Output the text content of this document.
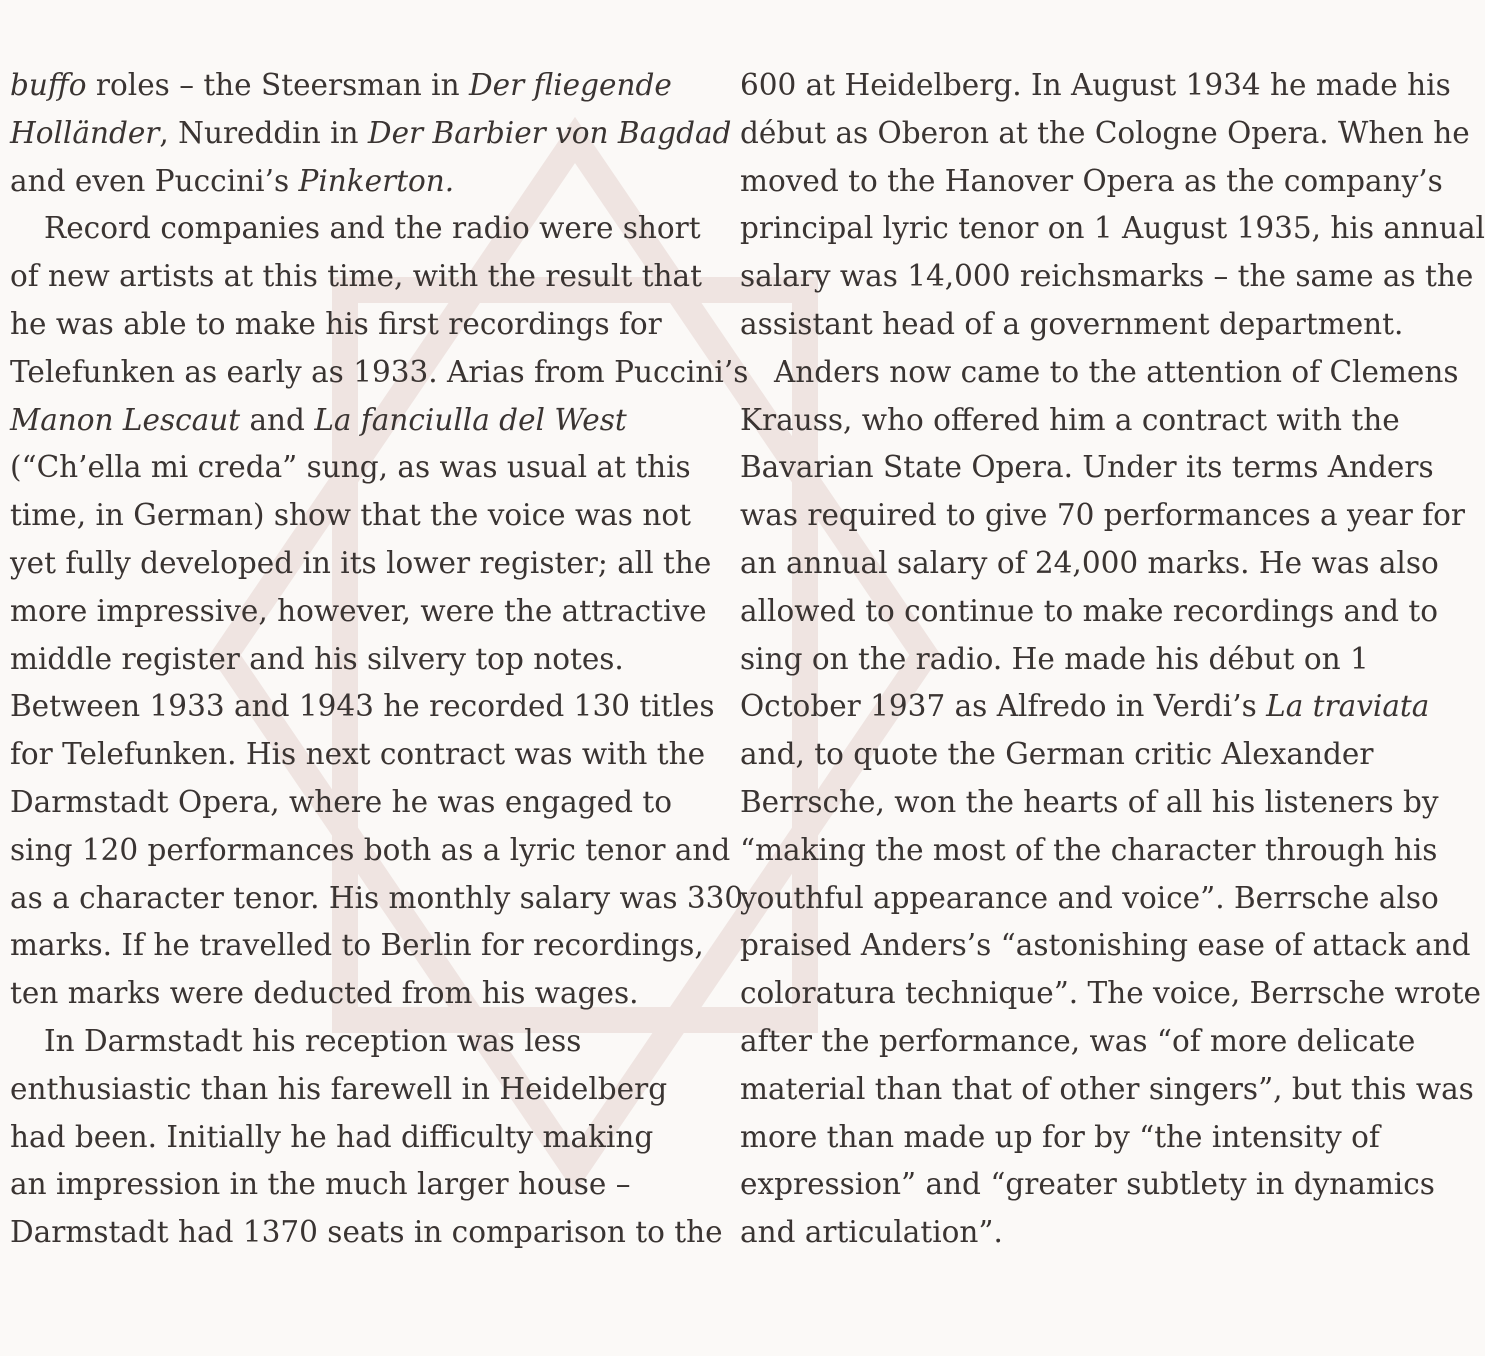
buffo roles – the Steersman in Der fliegende
Holländer, Nureddin in Der Barbier von Bagdad
and even Puccini’s Pinkerton.
Record companies and the radio were short
of new artists at this time, with the result that
he was able to make his first recordings for
Telefunken as early as 1933. Arias from Puccini’s
Manon Lescaut and La fanciulla del West
(“Ch’ella mi creda” sung, as was usual at this
time, in German) show that the voice was not
yet fully developed in its lower register; all the
more impressive, however, were the attractive
middle register and his silvery top notes.
Between 1933 and 1943 he recorded 130 titles
for Telefunken. His next contract was with the
Darmstadt Opera, where he was engaged to
sing 120 performances both as a lyric tenor and
as a character tenor. His monthly salary was 330
marks. If he travelled to Berlin for recordings,
ten marks were deducted from his wages.
In Darmstadt his reception was less
enthusiastic than his farewell in Heidelberg
had been. Initially he had difficulty making
an impression in the much larger house –
Darmstadt had 1370 seats in comparison to the
600 at Heidelberg. In August 1934 he made his
début as Oberon at the Cologne Opera. When he
moved to the Hanover Opera as the company’s
principal lyric tenor on 1 August 1935, his annual
salary was 14,000 reichsmarks – the same as the
assistant head of a government department.
Anders now came to the attention of Clemens
Krauss, who offered him a contract with the
Bavarian State Opera. Under its terms Anders
was required to give 70 performances a year for
an annual salary of 24,000 marks. He was also
allowed to continue to make recordings and to
sing on the radio. He made his début on 1
October 1937 as Alfredo in Verdi’s La traviata
and, to quote the German critic Alexander
Berrsche, won the hearts of all his listeners by
“making the most of the character through his
youthful appearance and voice”. Berrsche also
praised Anders’s “astonishing ease of attack and
coloratura technique”. The voice, Berrsche wrote
after the performance, was “of more delicate
material than that of other singers”, but this was
more than made up for by “the intensity of
expression” and “greater subtlety in dynamics
and articulation”.
